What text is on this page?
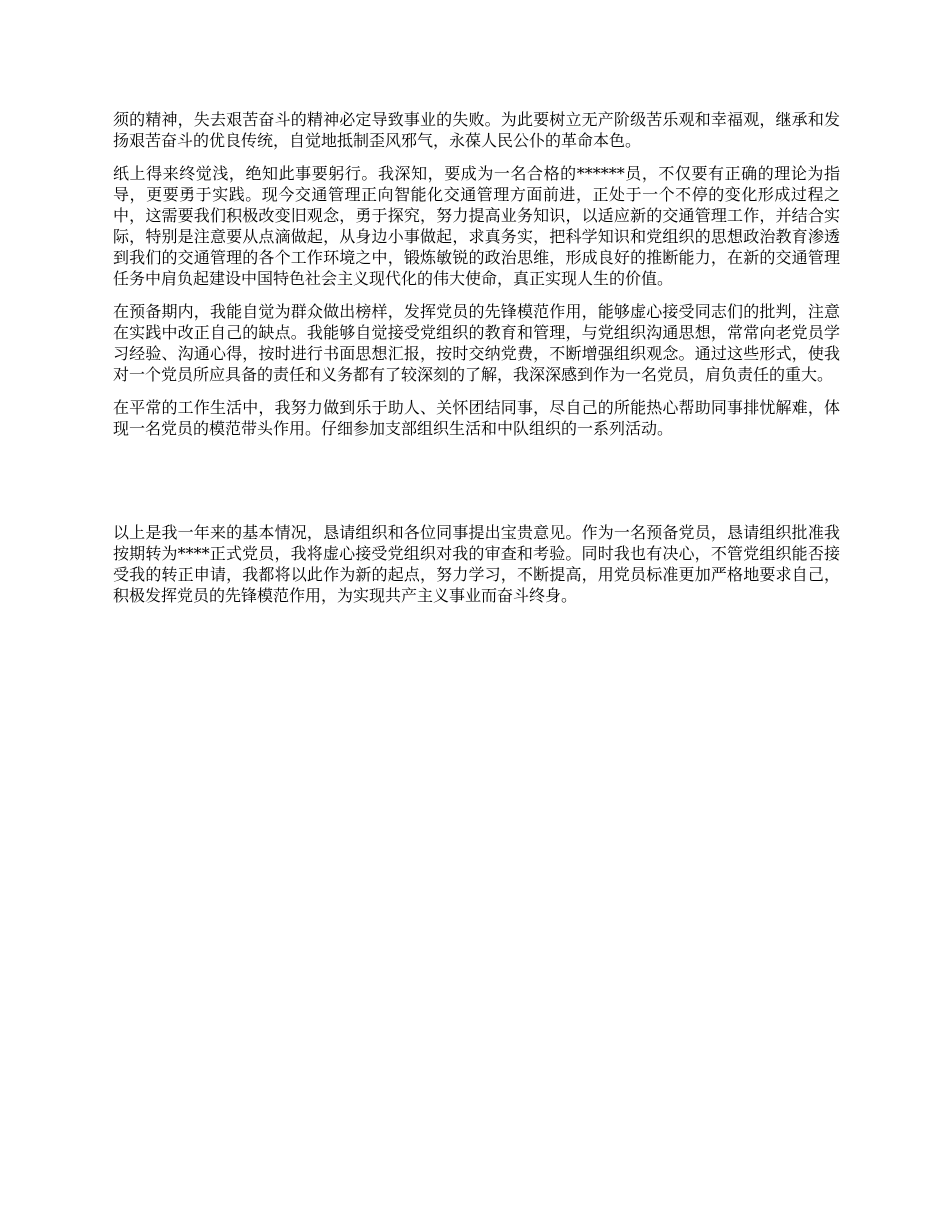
须的精神，失去艰苦奋斗的精神必定导致事业的失败。为此要树立无产阶级苦乐观和幸福观，继承和发扬艰苦奋斗的优良传统，自觉地抵制歪风邪气，永葆人民公仆的革命本色。

纸上得来终觉浅，绝知此事要躬行。我深知，要成为一名合格的******员，不仅要有正确的理论为指导，更要勇于实践。现今交通管理正向智能化交通管理方面前进，正处于一个不停的变化形成过程之中，这需要我们积极改变旧观念，勇于探究，努力提高业务知识，以适应新的交通管理工作，并结合实际，特别是注意要从点滴做起，从身边小事做起，求真务实，把科学知识和党组织的思想政治教育渗透到我们的交通管理的各个工作环境之中，锻炼敏锐的政治思维，形成良好的推断能力，在新的交通管理任务中肩负起建设中国特色社会主义现代化的伟大使命，真正实现人生的价值。

在预备期内，我能自觉为群众做出榜样，发挥党员的先锋模范作用，能够虚心接受同志们的批判，注意在实践中改正自己的缺点。我能够自觉接受党组织的教育和管理，与党组织沟通思想，常常向老党员学习经验、沟通心得，按时进行书面思想汇报，按时交纳党费，不断增强组织观念。通过这些形式，使我对一个党员所应具备的责任和义务都有了较深刻的了解，我深深感到作为一名党员，肩负责任的重大。

在平常的工作生活中，我努力做到乐于助人、关怀团结同事，尽自己的所能热心帮助同事排忧解难，体现一名党员的模范带头作用。仔细参加支部组织生活和中队组织的一系列活动。

以上是我一年来的基本情况，恳请组织和各位同事提出宝贵意见。作为一名预备党员，恳请组织批准我按期转为****正式党员，我将虚心接受党组织对我的审查和考验。同时我也有决心，不管党组织能否接受我的转正申请，我都将以此作为新的起点，努力学习，不断提高，用党员标准更加严格地要求自己，积极发挥党员的先锋模范作用，为实现共产主义事业而奋斗终身。
